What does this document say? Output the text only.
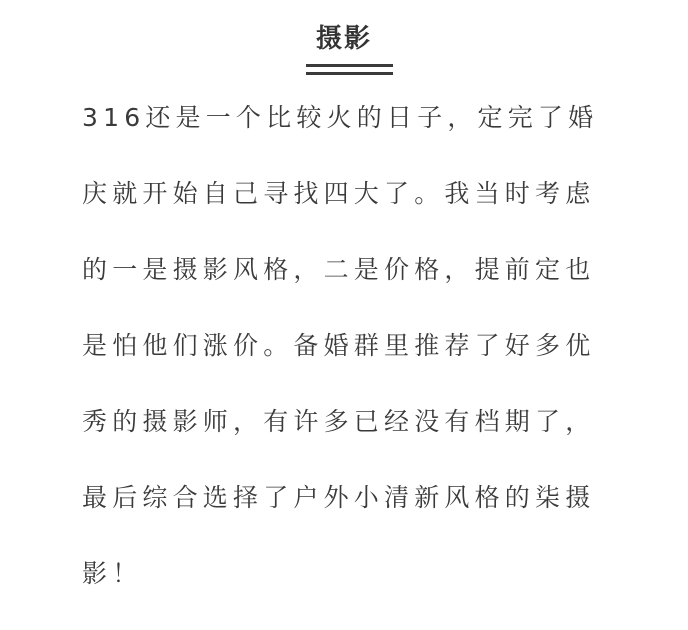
摄影
316还是一个比较火的日子，定完了婚
庆就开始自己寻找四大了。我当时考虑
的一是摄影风格，二是价格，提前定也
是怕他们涨价。备婚群里推荐了好多优
秀的摄影师，有许多已经没有档期了，
最后综合选择了户外小清新风格的柒摄
影！
